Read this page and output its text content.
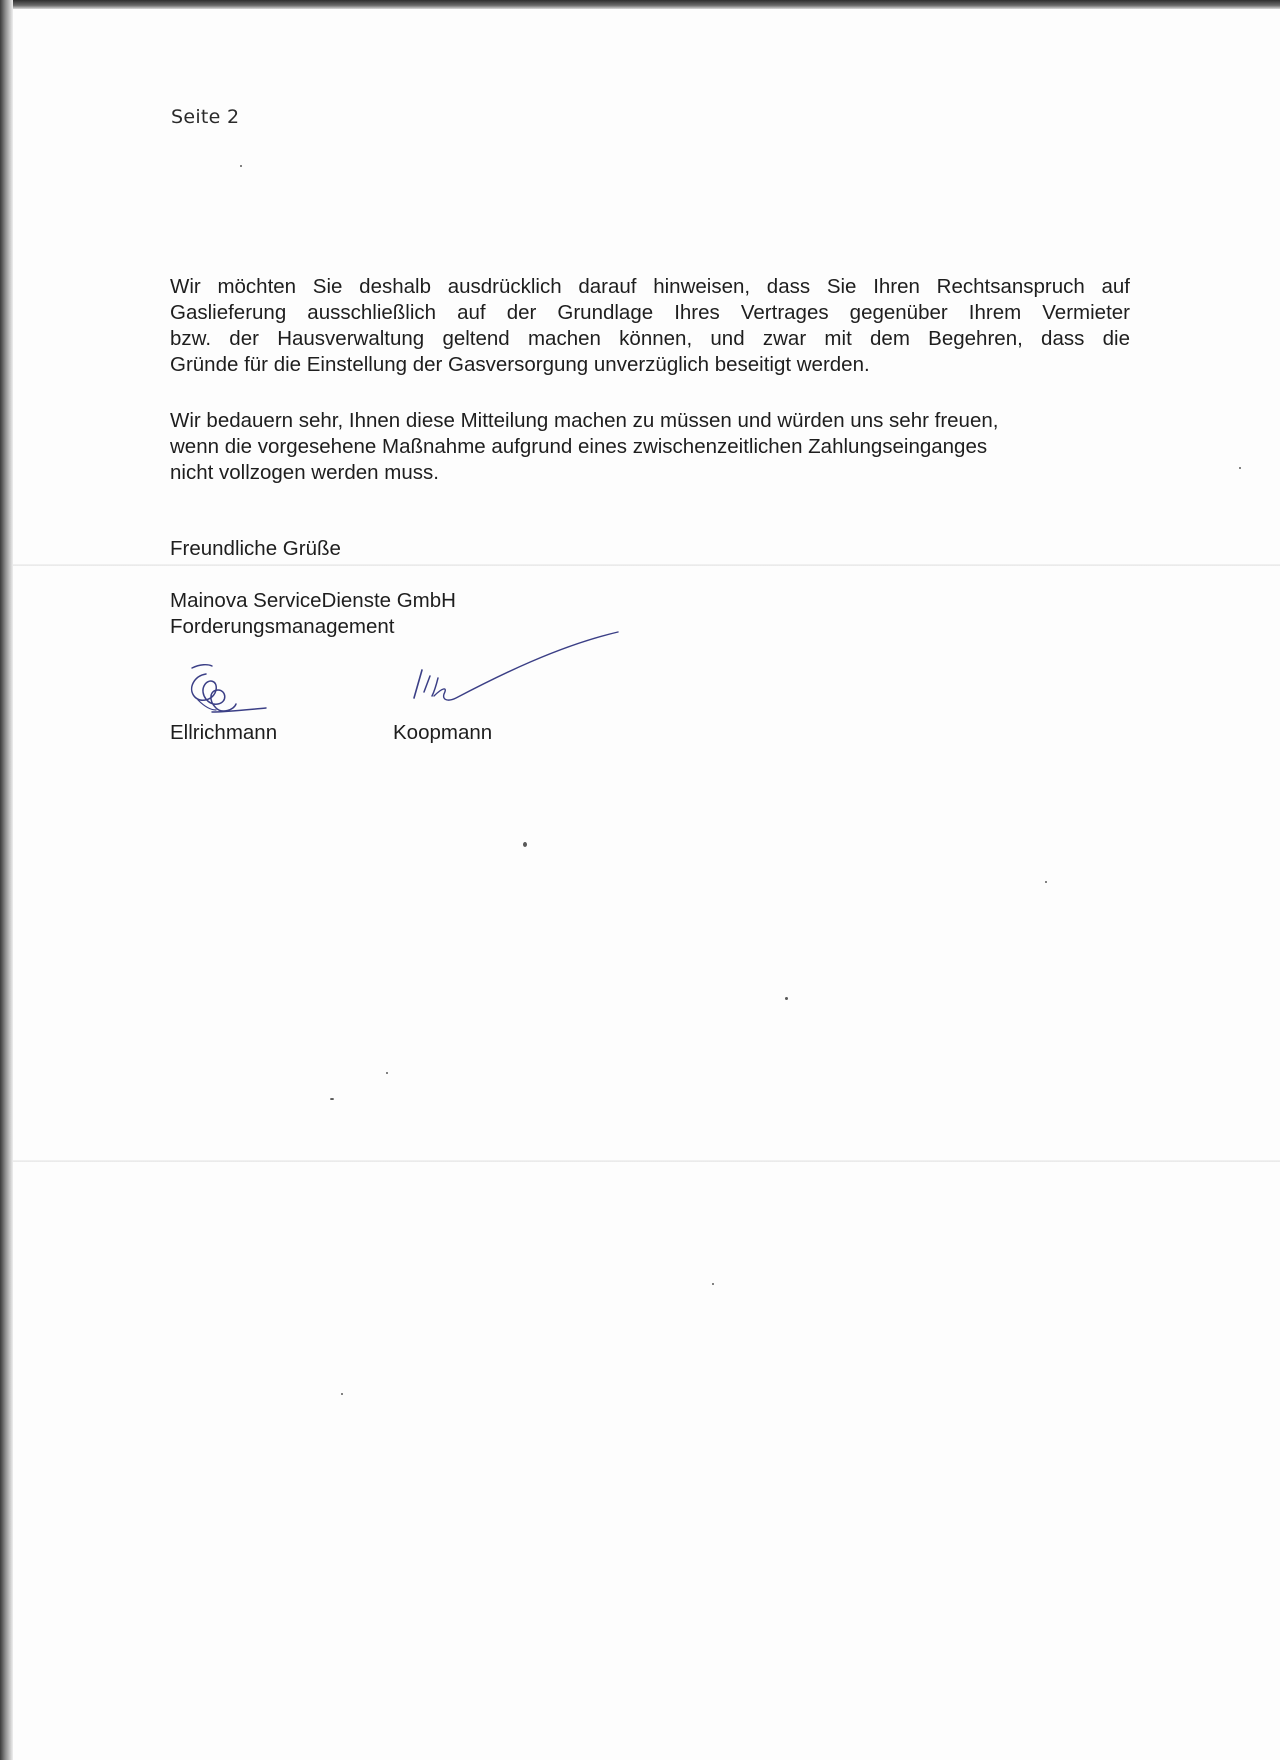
Seite 2
Wir möchten Sie deshalb ausdrücklich darauf hinweisen, dass Sie Ihren Rechtsanspruch auf
Gaslieferung ausschließlich auf der Grundlage Ihres Vertrages gegenüber Ihrem Vermieter
bzw. der Hausverwaltung geltend machen können, und zwar mit dem Begehren, dass die
Gründe für die Einstellung der Gasversorgung unverzüglich beseitigt werden.
Wir bedauern sehr, Ihnen diese Mitteilung machen zu müssen und würden uns sehr freuen,
wenn die vorgesehene Maßnahme aufgrund eines zwischenzeitlichen Zahlungseinganges
nicht vollzogen werden muss.
Freundliche Grüße
Mainova ServiceDienste GmbH
Forderungsmanagement
Ellrichmann	Koopmann
